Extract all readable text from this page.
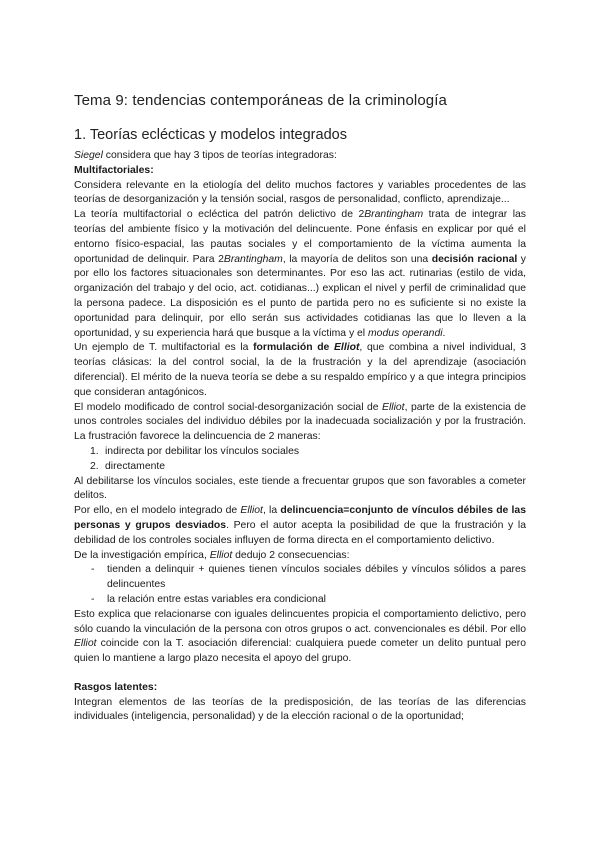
Tema 9: tendencias contemporáneas de la criminología
1. Teorías eclécticas y modelos integrados

Siegel considera que hay 3 tipos de teorías integradoras:

Multifactoriales:

Considera relevante en la etiología del delito muchos factores y variables procedentes de las teorías de desorganización y la tensión social, rasgos de personalidad, conflicto, aprendizaje...

La teoría multifactorial o ecléctica del patrón delictivo de 2Brantingham trata de integrar las teorías del ambiente físico y la motivación del delincuente. Pone énfasis en explicar por qué el entorno físico-espacial, las pautas sociales y el comportamiento de la víctima aumenta la oportunidad de delinquir. Para 2Brantingham, la mayoría de delitos son una decisión racional y por ello los factores situacionales son determinantes. Por eso las act. rutinarias (estilo de vida, organización del trabajo y del ocio, act. cotidianas...) explican el nivel y perfil de criminalidad que la persona padece. La disposición es el punto de partida pero no es suficiente si no existe la oportunidad para delinquir, por ello serán sus actividades cotidianas las que lo lleven a la oportunidad, y su experiencia hará que busque a la víctima y el modus operandi.

Un ejemplo de T. multifactorial es la formulación de Elliot, que combina a nivel individual, 3 teorías clásicas: la del control social, la de la frustración y la del aprendizaje (asociación diferencial). El mérito de la nueva teoría se debe a su respaldo empírico y a que integra principios que consideran antagónicos.

El modelo modificado de control social-desorganización social de Elliot, parte de la existencia de unos controles sociales del individuo débiles por la inadecuada socialización y por la frustración. La frustración favorece la delincuencia de 2 maneras:

1. indirecta por debilitar los vínculos sociales
2. directamente

Al debilitarse los vínculos sociales, este tiende a frecuentar grupos que son favorables a cometer delitos.

Por ello, en el modelo integrado de Elliot, la delincuencia=conjunto de vínculos débiles de las personas y grupos desviados. Pero el autor acepta la posibilidad de que la frustración y la debilidad de los controles sociales influyen de forma directa en el comportamiento delictivo.

De la investigación empírica, Elliot dedujo 2 consecuencias:

- tienden a delinquir + quienes tienen vínculos sociales débiles y vínculos sólidos a pares delincuentes
- la relación entre estas variables era condicional

Esto explica que relacionarse con iguales delincuentes propicia el comportamiento delictivo, pero sólo cuando la vinculación de la persona con otros grupos o act. convencionales es débil. Por ello Elliot coincide con la T. asociación diferencial: cualquiera puede cometer un delito puntual pero quien lo mantiene a largo plazo necesita el apoyo del grupo.

Rasgos latentes:

Integran elementos de las teorías de la predisposición, de las teorías de las diferencias individuales (inteligencia, personalidad) y de la elección racional o de la oportunidad;
